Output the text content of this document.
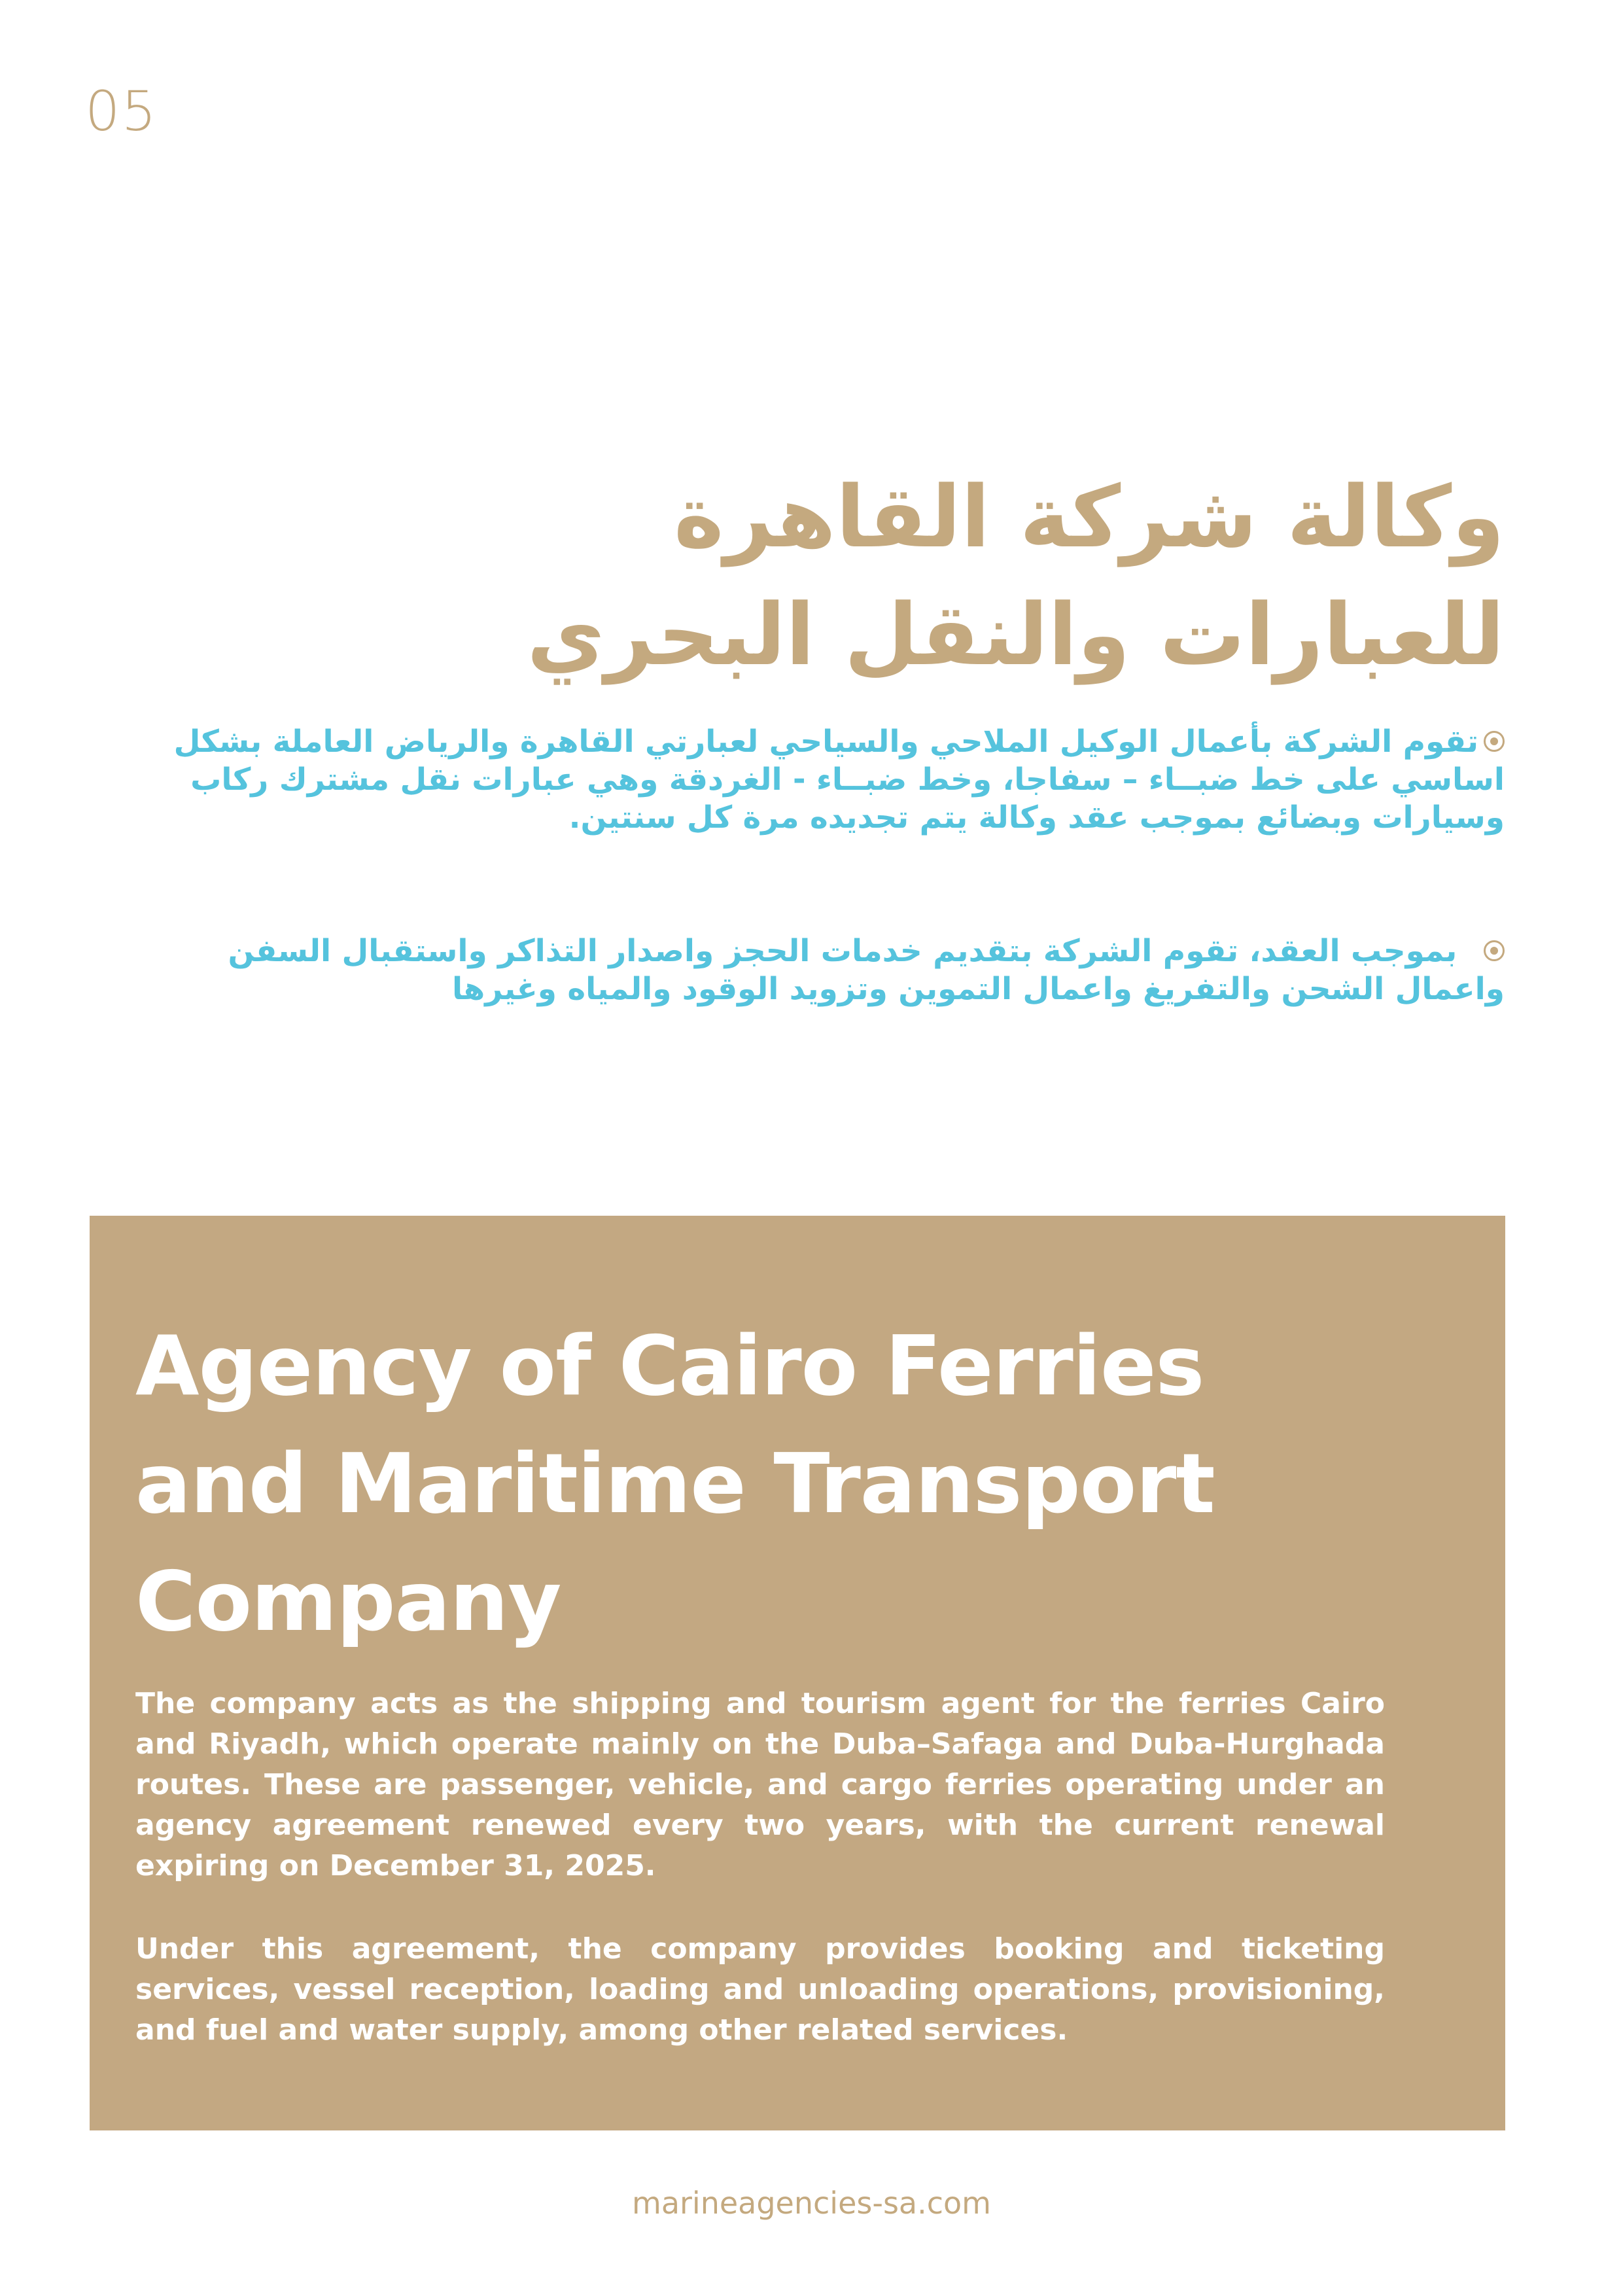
05
وكالة شركة القاهرة
للعبارات والنقل البحري

تقوم الشركة بأعمال الوكيل الملاحي والسياحي لعبارتي القاهرة والرياض العاملة بشكل
اساسي على خط ضبــاء – سفاجا، وخط ضبــاء - الغردقة وهي عبارات نقل مشترك ركاب
وسيارات وبضائع بموجب عقد وكالة يتم تجديده مرة كل سنتين.

بموجب العقد، تقوم الشركة بتقديم خدمات الحجز واصدار التذاكر واستقبال السفن
واعمال الشحن والتفريغ واعمال التموين وتزويد الوقود والمياه وغيرها

Agency of Cairo Ferries
and Maritime Transport
Company

The company acts as the shipping and tourism agent for the ferries Cairo and Riyadh, which operate mainly on the Duba–Safaga and Duba-Hurghada routes. These are passenger, vehicle, and cargo ferries operating under an agency agreement renewed every two years, with the current renewal expiring on December 31, 2025.

Under this agreement, the company provides booking and ticketing services, vessel reception, loading and unloading operations, provisioning, and fuel and water supply, among other related services.

marineagencies-sa.com
